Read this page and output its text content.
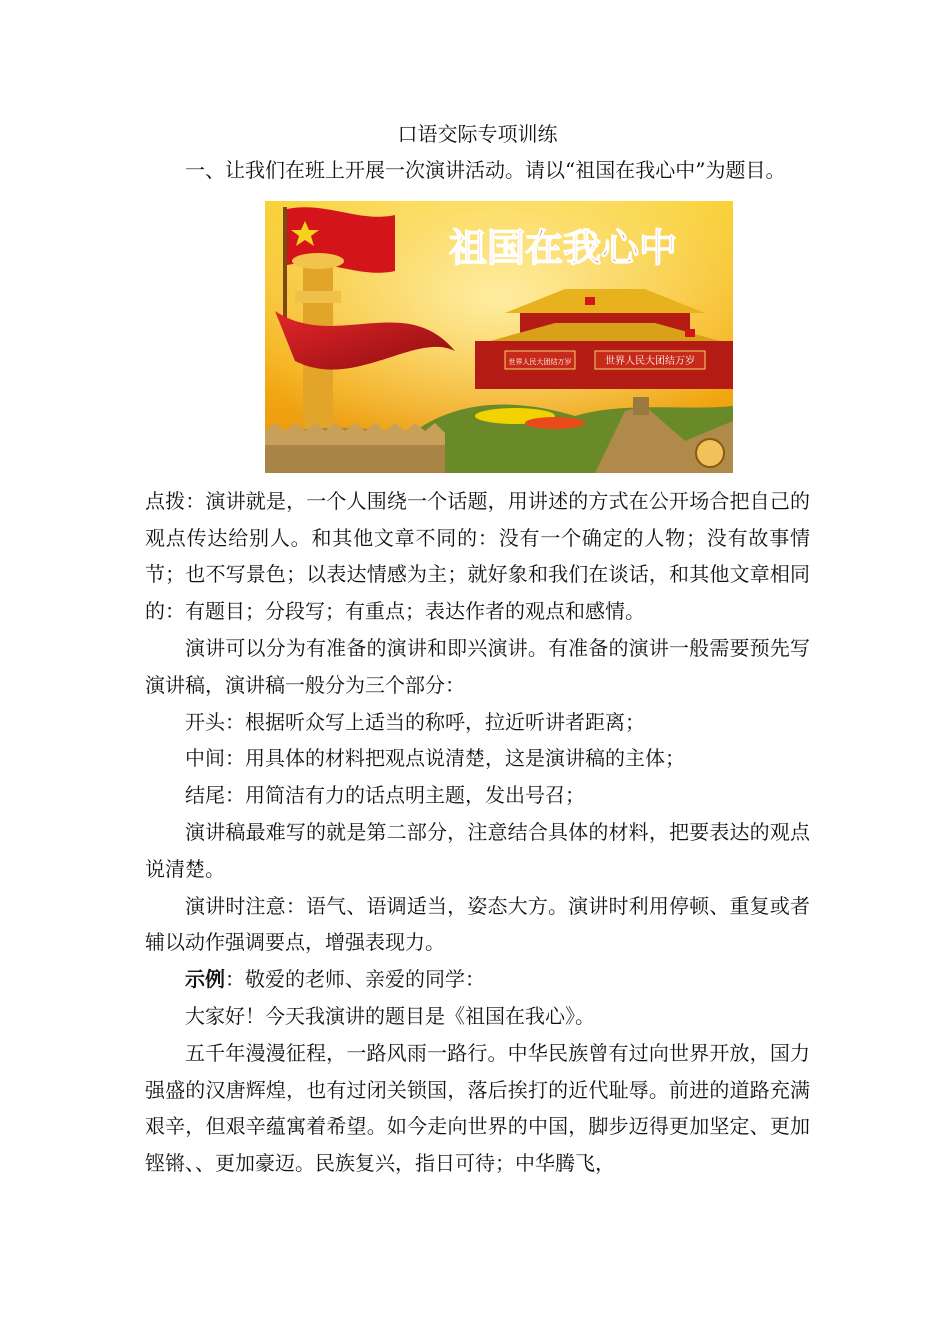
口语交际专项训练

一、让我们在班上开展一次演讲活动。请以“祖国在我心中”为题目。

祖国在我心中
世界人民大团结万岁	世界人民大团结万岁

点拨：演讲就是，一个人围绕一个话题，用讲述的方式在公开场合把自己的观点传达给别人。和其他文章不同的：没有一个确定的人物；没有故事情节；也不写景色；以表达情感为主；就好象和我们在谈话，和其他文章相同的：有题目；分段写；有重点；表达作者的观点和感情。

演讲可以分为有准备的演讲和即兴演讲。有准备的演讲一般需要预先写演讲稿，演讲稿一般分为三个部分：

开头：根据听众写上适当的称呼，拉近听讲者距离；

中间：用具体的材料把观点说清楚，这是演讲稿的主体；

结尾：用简洁有力的话点明主题，发出号召；

演讲稿最难写的就是第二部分，注意结合具体的材料，把要表达的观点说清楚。

演讲时注意：语气、语调适当，姿态大方。演讲时利用停顿、重复或者辅以动作强调要点，增强表现力。

示例：敬爱的老师、亲爱的同学：

大家好！今天我演讲的题目是《祖国在我心》。

五千年漫漫征程，一路风雨一路行。中华民族曾有过向世界开放，国力强盛的汉唐辉煌，也有过闭关锁国，落后挨打的近代耻辱。前进的道路充满艰辛，但艰辛蕴寓着希望。如今走向世界的中国，脚步迈得更加坚定、更加铿锵、、更加豪迈。民族复兴，指日可待；中华腾飞，
